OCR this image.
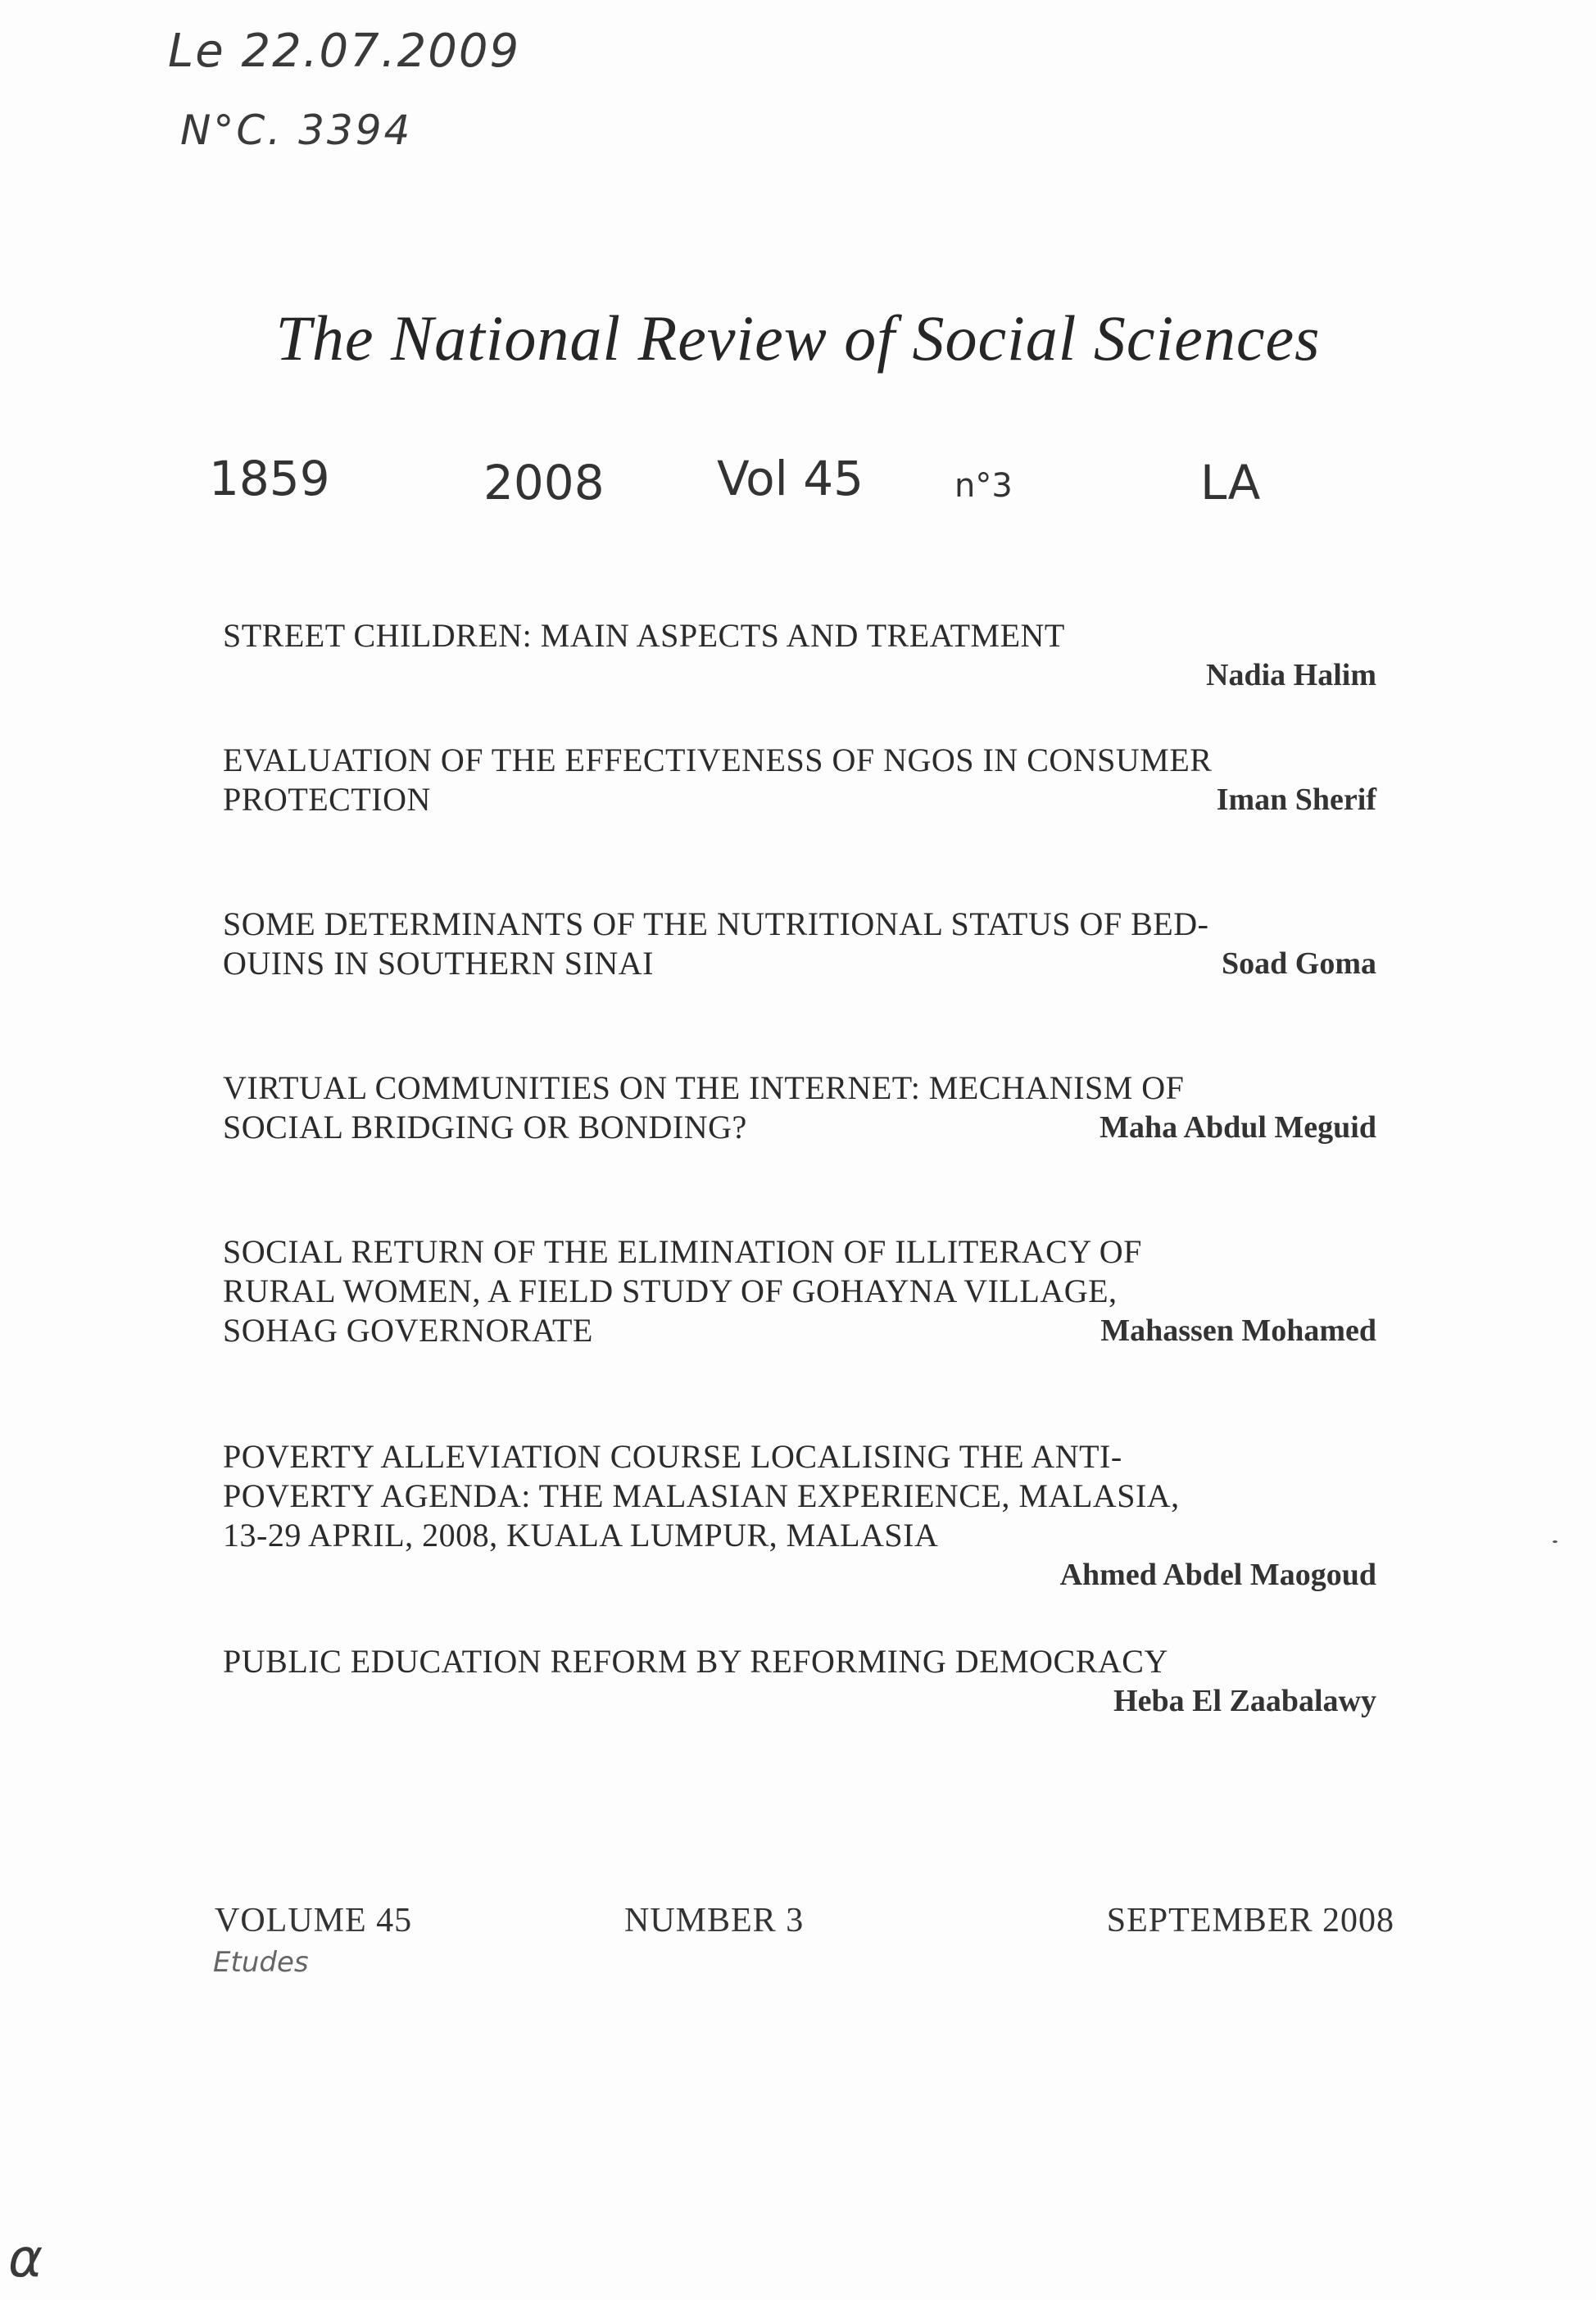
Le 22.07.2009
N°C. 3394
1859	2008 Vol 45	n°3	LA
The National Review of Social Sciences
STREET CHILDREN: MAIN ASPECTS AND TREATMENT
Nadia Halim
EVALUATION OF THE EFFECTIVENESS OF NGOS IN CONSUMER
PROTECTION	Iman Sherif
SOME DETERMINANTS OF THE NUTRITIONAL STATUS OF BED-
OUINS IN SOUTHERN SINAI	Soad Goma
VIRTUAL COMMUNITIES ON THE INTERNET: MECHANISM OF
SOCIAL BRIDGING OR BONDING?	Maha Abdul Meguid
SOCIAL RETURN OF THE ELIMINATION OF ILLITERACY OF
RURAL WOMEN, A FIELD STUDY OF GOHAYNA VILLAGE,
SOHAG GOVERNORATE	Mahassen Mohamed
POVERTY ALLEVIATION COURSE LOCALISING THE ANTI-
POVERTY AGENDA: THE MALASIAN EXPERIENCE, MALASIA,
13-29 APRIL, 2008, KUALA LUMPUR, MALASIA
Ahmed Abdel Maogoud
PUBLIC EDUCATION REFORM BY REFORMING DEMOCRACY
Heba El Zaabalawy
VOLUME 45	NUMBER 3	SEPTEMBER 2008
Etudes
α
